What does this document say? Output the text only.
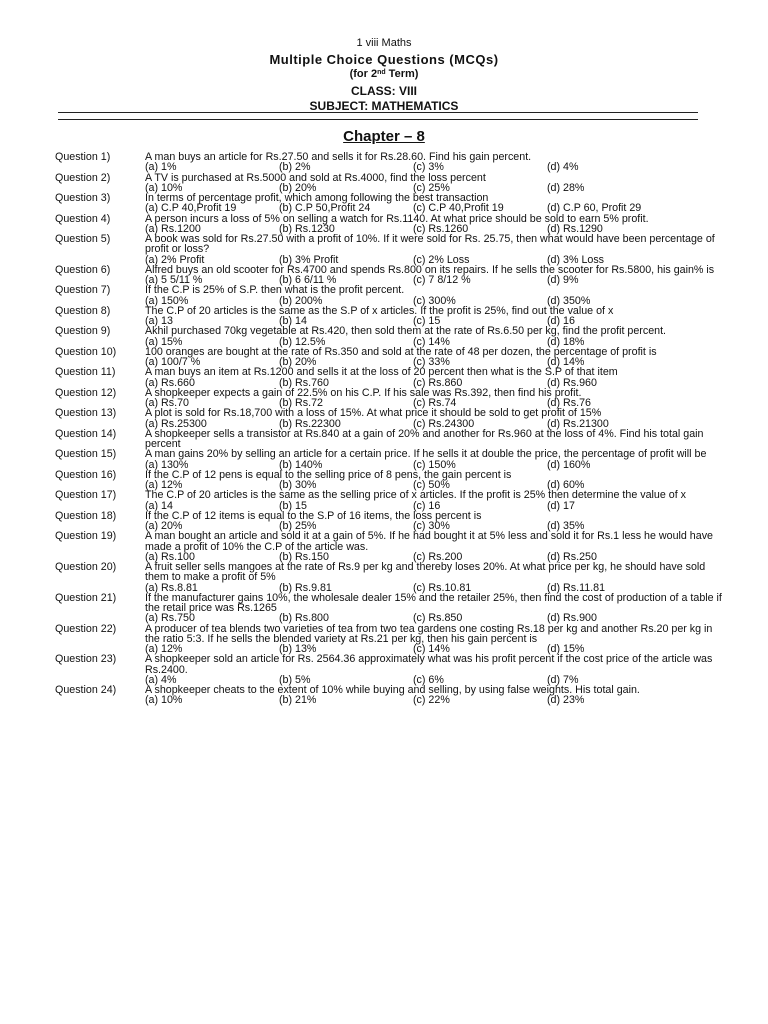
1 viii Maths
Multiple Choice Questions (MCQs)
(for 2nd Term)
CLASS: VIII
SUBJECT: MATHEMATICS
Chapter – 8
Question 1)	A man buys an article for Rs.27.50 and sells it for Rs.28.60. Find his gain percent.
(a) 1%	(b) 2%	(c) 3%	(d) 4%
Question 2)	A TV is purchased at Rs.5000 and sold at Rs.4000, find the loss percent
(a) 10%	(b) 20%	(c) 25%	(d) 28%
Question 3)	In terms of percentage profit, which among following the best transaction
(a) C.P 40,Profit 19	(b) C.P 50,Profit 24	(c) C.P 40,Profit 19	(d) C.P 60, Profit 29
Question 4)	A person incurs a loss of 5% on selling a watch for Rs.1140. At what price should be sold to earn 5% profit.
(a) Rs.1200	(b) Rs.1230	(c) Rs.1260	(d) Rs.1290
Question 5)	A book was sold for Rs.27.50 with a profit of 10%. If it were sold for Rs. 25.75, then what would have been percentage of profit or loss?
(a) 2% Profit	(b) 3% Profit	(c) 2% Loss	(d) 3% Loss
Question 6)	Alfred buys an old scooter for Rs.4700 and spends Rs.800 on its repairs. If he sells the scooter for Rs.5800, his gain% is
(a) 5 5/11 %	(b) 6 6/11 %	(c) 7 8/12 %	(d) 9%
Question 7)	If the C.P is 25% of S.P. then what is the profit percent.
(a) 150%	(b) 200%	(c) 300%	(d) 350%
Question 8)	The C.P of 20 articles is the same as the S.P of x articles. If the profit is 25%, find out the value of x
(a) 13	(b) 14	(c) 15	(d) 16
Question 9)	Akhil purchased 70kg vegetable at Rs.420, then sold them at the rate of Rs.6.50 per kg, find the profit percent.
(a) 15%	(b) 12.5%	(c) 14%	(d) 18%
Question 10)	100 oranges are bought at the rate of Rs.350 and sold at the rate of 48 per dozen, the percentage of profit is
(a) 100/7 %	(b) 20%	(c) 33%	(d) 14%
Question 11)	A man buys an item at Rs.1200 and sells it at the loss of 20 percent then what is the S.P of that item
(a) Rs.660	(b) Rs.760	(c) Rs.860	(d) Rs.960
Question 12)	A shopkeeper expects a gain of 22.5% on his C.P. If his sale was Rs.392, then find his profit.
(a) Rs.70	(b) Rs.72	(c) Rs.74	(d) Rs.76
Question 13)	A plot is sold for Rs.18,700 with a loss of 15%. At what price it should be sold to get profit of 15%
(a) Rs.25300	(b) Rs.22300	(c) Rs.24300	(d) Rs.21300
Question 14)	A shopkeeper sells a transistor at Rs.840 at a gain of 20% and another for Rs.960 at the loss of 4%. Find his total gain percent
Question 15)	A man gains 20% by selling an article for a certain price. If he sells it at double the price, the percentage of profit will be
(a) 130%	(b) 140%	(c) 150%	(d) 160%
Question 16)	If the C.P of 12 pens is equal to the selling price of 8 pens, the gain percent is
(a) 12%	(b) 30%	(c) 50%	(d) 60%
Question 17)	The C.P of 20 articles is the same as the selling price of x articles. If the profit is 25% then determine the value of x
(a) 14	(b) 15	(c) 16	(d) 17
Question 18)	If the C.P of 12 items is equal to the S.P of 16 items, the loss percent is
(a) 20%	(b) 25%	(c) 30%	(d) 35%
Question 19)	A man bought an article and sold it at a gain of 5%. If he had bought it at 5% less and sold it for Rs.1 less he would have made a profit of 10% the C.P of the article was.
(a) Rs.100	(b) Rs.150	(c) Rs.200	(d) Rs.250
Question 20)	A fruit seller sells mangoes at the rate of Rs.9 per kg and thereby loses 20%. At what price per kg, he should have sold them to make a profit of 5%
(a) Rs.8.81	(b) Rs.9.81	(c) Rs.10.81	(d) Rs.11.81
Question 21)	If the manufacturer gains 10%, the wholesale dealer 15% and the retailer 25%, then find the cost of production of a table if the retail price was Rs.1265
(a) Rs.750	(b) Rs.800	(c) Rs.850	(d) Rs.900
Question 22)	A producer of tea blends two varieties of tea from two tea gardens one costing Rs.18 per kg and another Rs.20 per kg in the ratio 5:3. If he sells the blended variety at Rs.21 per kg, then his gain percent is
(a) 12%	(b) 13%	(c) 14%	(d) 15%
Question 23)	A shopkeeper sold an article for Rs. 2564.36 approximately what was his profit percent if the cost price of the article was Rs.2400.
(a) 4%	(b) 5%	(c) 6%	(d) 7%
Question 24)	A shopkeeper cheats to the extent of 10% while buying and selling, by using false weights. His total gain.
(a) 10%	(b) 21%	(c) 22%	(d) 23%
